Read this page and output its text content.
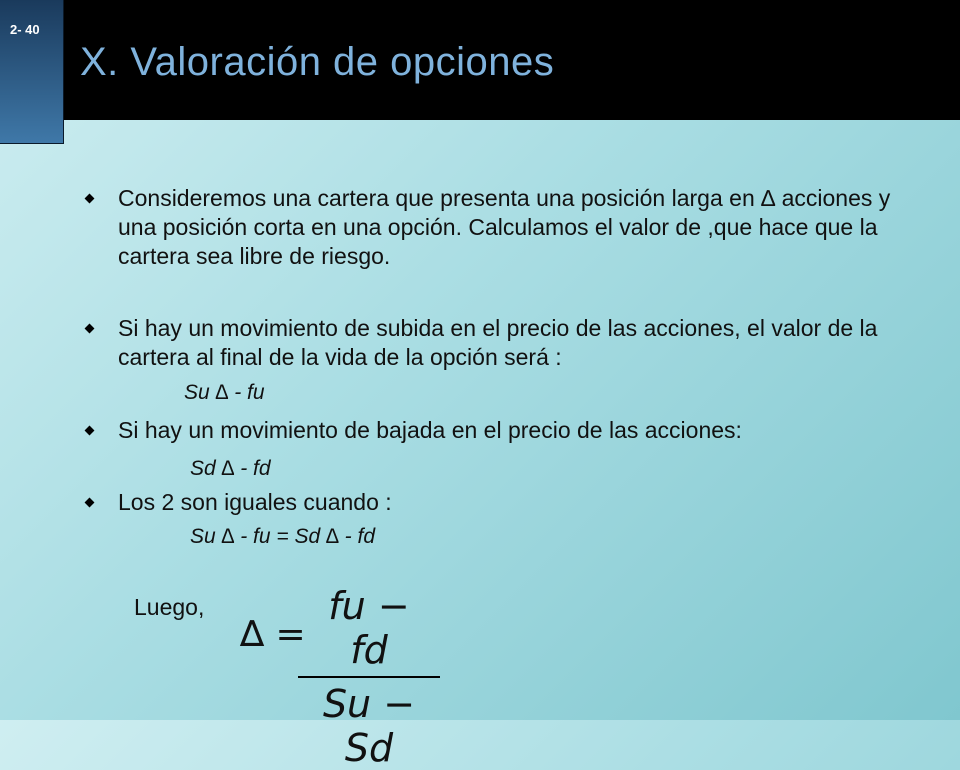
2- 40
X. Valoración de opciones
Consideremos una cartera que presenta una posición larga en ∆ acciones y una posición corta en una opción. Calculamos el valor de ,que hace que la cartera sea libre de riesgo.
Si hay un movimiento de subida en el precio de las acciones, el valor de la cartera al final de la vida de la opción será :
Su ∆ - fu
Si hay un movimiento de bajada en el precio de las acciones:
Sd ∆ - fd
Los 2 son iguales cuando :
Su ∆ - fu = Sd ∆ - fd
Luego,
∆ =
$\frac{fu - fd}{Su - Sd}$
